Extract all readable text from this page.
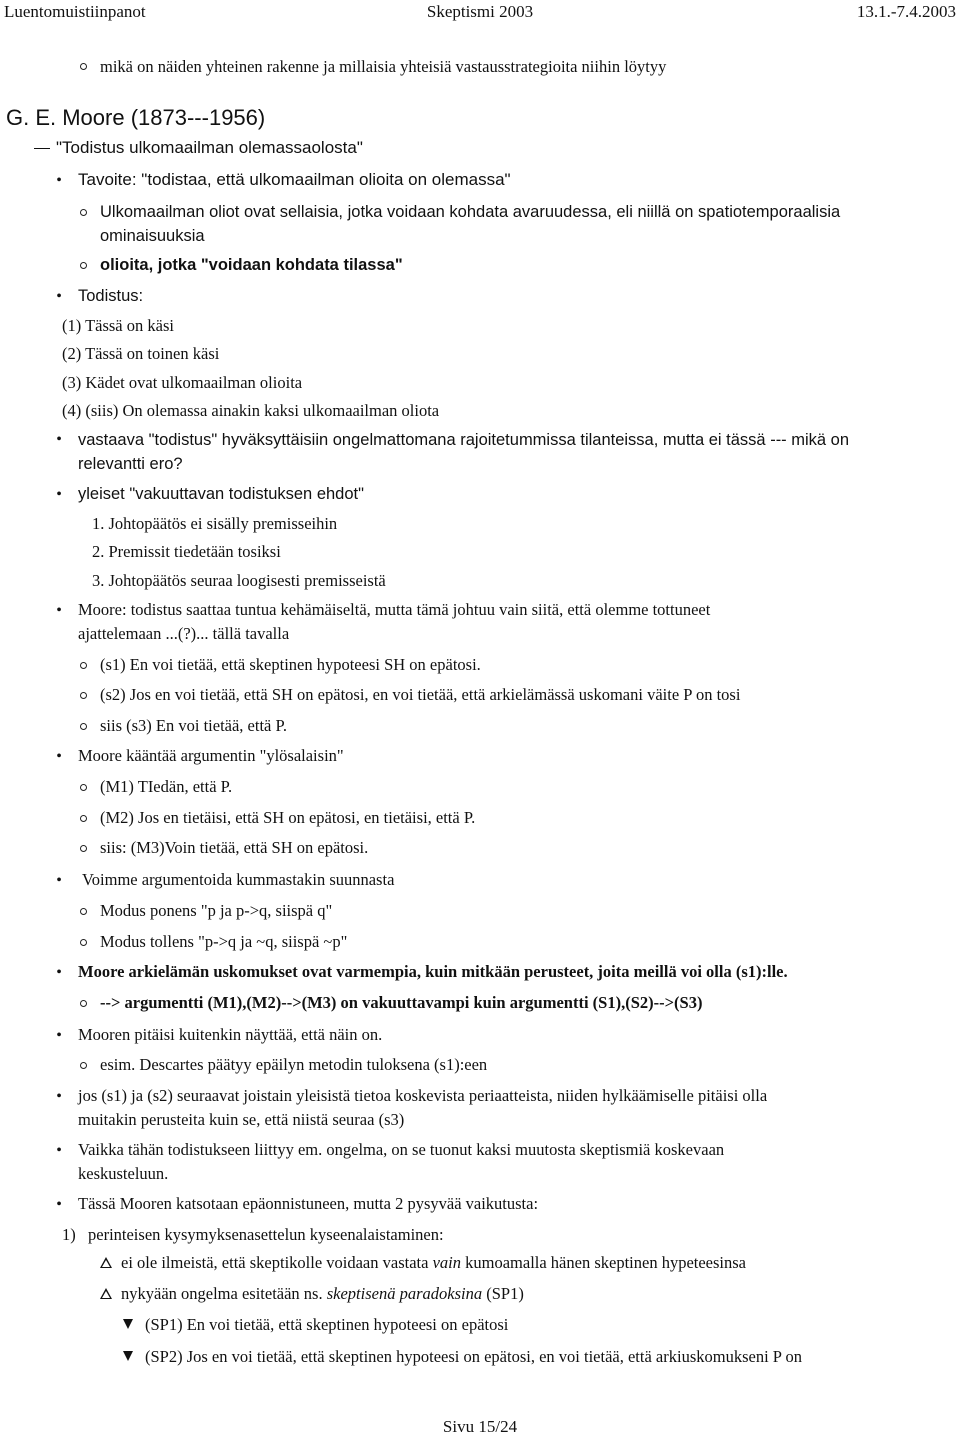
Skeptismi 2003
Luentomuistiinpanot	13.1.-7.4.2003
mikä on näiden yhteinen rakenne ja millaisia yhteisiä vastausstrategioita niihin löytyy
G. E. Moore (1873---1956)
"Todistus ulkomaailman olemassaolosta"
•
Tavoite: "todistaa, että ulkomaailman olioita on olemassa"
Ulkomaailman oliot ovat sellaisia, jotka voidaan kohdata avaruudessa, eli niillä on spatiotemporaalisia
ominaisuuksia
olioita, jotka "voidaan kohdata tilassa"
•
Todistus:
(1) Tässä on käsi
(2) Tässä on toinen käsi
(3) Kädet ovat ulkomaailman olioita
(4) (siis) On olemassa ainakin kaksi ulkomaailman oliota
•
vastaava "todistus" hyväksyttäisiin ongelmattomana rajoitetummissa tilanteissa, mutta ei tässä --- mikä on
relevantti ero?
•
yleiset "vakuuttavan todistuksen ehdot"
1. Johtopäätös ei sisälly premisseihin
2. Premissit tiedetään tosiksi
3. Johtopäätös seuraa loogisesti premisseistä
•
Moore: todistus saattaa tuntua kehämäiseltä, mutta tämä johtuu vain siitä, että olemme tottuneet
ajattelemaan ...(?)... tällä tavalla
(s1) En voi tietää, että skeptinen hypoteesi SH on epätosi.
(s2) Jos en voi tietää, että SH on epätosi, en voi tietää, että arkielämässä uskomani väite P on tosi
siis (s3) En voi tietää, että P.
•
Moore kääntää argumentin "ylösalaisin"
(M1) TIedän, että P.
(M2) Jos en tietäisi, että SH on epätosi, en tietäisi, että P.
siis: (M3)Voin tietää, että SH on epätosi.
•
Voimme argumentoida kummastakin suunnasta
Modus ponens "p ja p->q, siispä q"
Modus tollens "p->q ja ~q, siispä ~p"
•
Moore arkielämän uskomukset ovat varmempia, kuin mitkään perusteet, joita meillä voi olla (s1):lle.
--> argumentti (M1),(M2)-->(M3) on vakuuttavampi kuin argumentti (S1),(S2)-->(S3)
•
Mooren pitäisi kuitenkin näyttää, että näin on.
esim. Descartes päätyy epäilyn metodin tuloksena (s1):een
•
jos (s1) ja (s2) seuraavat joistain yleisistä tietoa koskevista periaatteista, niiden hylkäämiselle pitäisi olla
muitakin perusteita kuin se, että niistä seuraa (s3)
•
Vaikka tähän todistukseen liittyy em. ongelma, on se tuonut kaksi muutosta skeptismiä koskevaan
keskusteluun.
•
Tässä Mooren katsotaan epäonnistuneen, mutta 2 pysyvää vaikutusta:
1) perinteisen kysymyksenasettelun kyseenalaistaminen:
ei ole ilmeistä, että skeptikolle voidaan vastata vain kumoamalla hänen skeptinen hypeteesinsa
nykyään ongelma esitetään ns. skeptisenä paradoksina (SP1)
(SP1) En voi tietää, että skeptinen hypoteesi on epätosi
(SP2) Jos en voi tietää, että skeptinen hypoteesi on epätosi, en voi tietää, että arkiuskomukseni P on
Sivu 15/24
